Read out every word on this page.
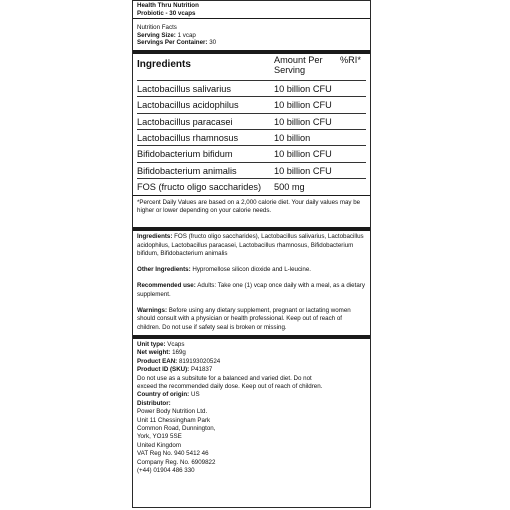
Health Thru Nutrition
Probiotic - 30 vcaps
Nutrition Facts
Serving Size: 1 vcap
Servings Per Container: 30
Ingredients	Amount Per Serving	%RI*
Lactobacillus salivarius	10 billion CFU	
Lactobacillus acidophilus	10 billion CFU	
Lactobacillus paracasei	10 billion CFU	
Lactobacillus rhamnosus	10 billion	
Bifidobacterium bifidum	10 billion CFU	
Bifidobacterium animalis	10 billion CFU	
FOS (fructo oligo saccharides)	500 mg	
*Percent Daily Values are based on a 2,000 calorie diet. Your daily values may be higher or lower depending on your calorie needs.

Ingredients: FOS (fructo oligo saccharides), Lactobacillus salivarius, Lactobacillus acidophilus, Lactobacillus paracasei, Lactobacillus rhamnosus, Bifidobacterium bifidum, Bifidobacterium animalis

Other Ingredients: Hypromellose silicon dioxide and L-leucine.

Recommended use: Adults: Take one (1) vcap once daily with a meal, as a dietary supplement.

Warnings: Before using any dietary supplement, pregnant or lactating women should consult with a physician or health professional. Keep out of reach of children. Do not use if safety seal is broken or missing.

Unit type: Vcaps
Net weight: 169g
Product EAN: 819193020524
Product ID (SKU): P41837
Do not use as a subsitute for a balanced and varied diet. Do not
exceed the recommended daily dose. Keep out of reach of children.
Country of origin: US
Distributor:
Power Body Nutrition Ltd.
Unit 11 Chessingham Park
Common Road, Dunnington,
York, YO19 5SE
United Kingdom
VAT Reg No. 940 5412 46
Company Reg. No. 6909822
(+44) 01904 486 330
